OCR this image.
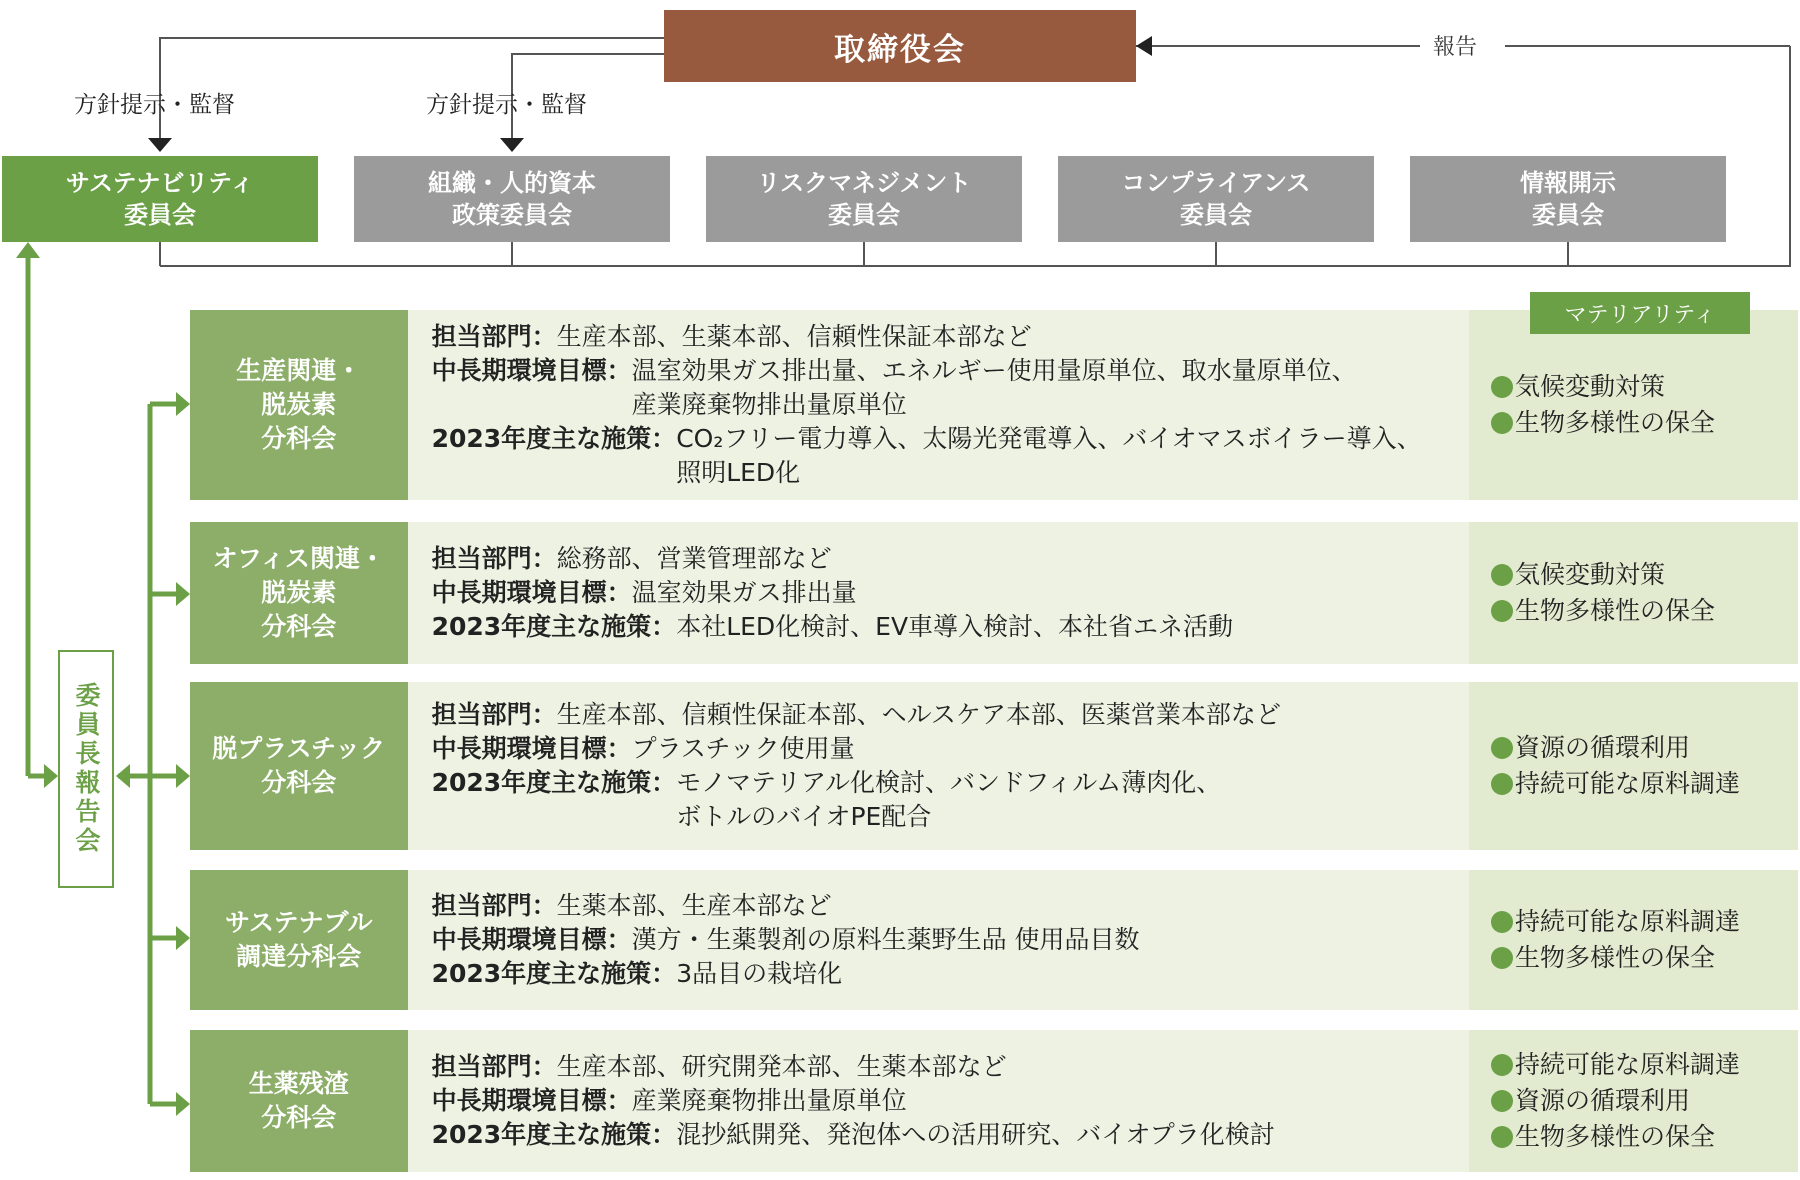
取締役会	報告
方針提示・監督	方針提示・監督
サステナビリティ
委員会
組織・人的資本
政策委員会
リスクマネジメント
委員会
コンプライアンス
委員会
情報開示
委員会
委員長報告会
生産関連・
脱炭素
分科会
担当部門： 生産本部、生薬本部、信頼性保証本部など
中長期環境目標： 温室効果ガス排出量、エネルギー使用量原単位、取水量原単位、
産業廃棄物排出量原単位
2023年度主な施策： CO₂フリー電力導入、太陽光発電導入、バイオマスボイラー導入、
照明LED化
気候変動対策
生物多様性の保全
マテリアリティ
オフィス関連・
脱炭素
分科会
担当部門： 総務部、営業管理部など
中長期環境目標： 温室効果ガス排出量
2023年度主な施策： 本社LED化検討、EV車導入検討、本社省エネ活動
気候変動対策
生物多様性の保全
脱プラスチック
分科会
担当部門： 生産本部、信頼性保証本部、ヘルスケア本部、医薬営業本部など
中長期環境目標： プラスチック使用量
2023年度主な施策： モノマテリアル化検討、バンドフィルム薄肉化、
ボトルのバイオPE配合
資源の循環利用
持続可能な原料調達
サステナブル
調達分科会
担当部門： 生薬本部、生産本部など
中長期環境目標： 漢方・生薬製剤の原料生薬野生品 使用品目数
2023年度主な施策： 3品目の栽培化
持続可能な原料調達
生物多様性の保全
生薬残渣
分科会
担当部門： 生産本部、研究開発本部、生薬本部など
中長期環境目標： 産業廃棄物排出量原単位
2023年度主な施策： 混抄紙開発、発泡体への活用研究、バイオプラ化検討
持続可能な原料調達
資源の循環利用
生物多様性の保全
